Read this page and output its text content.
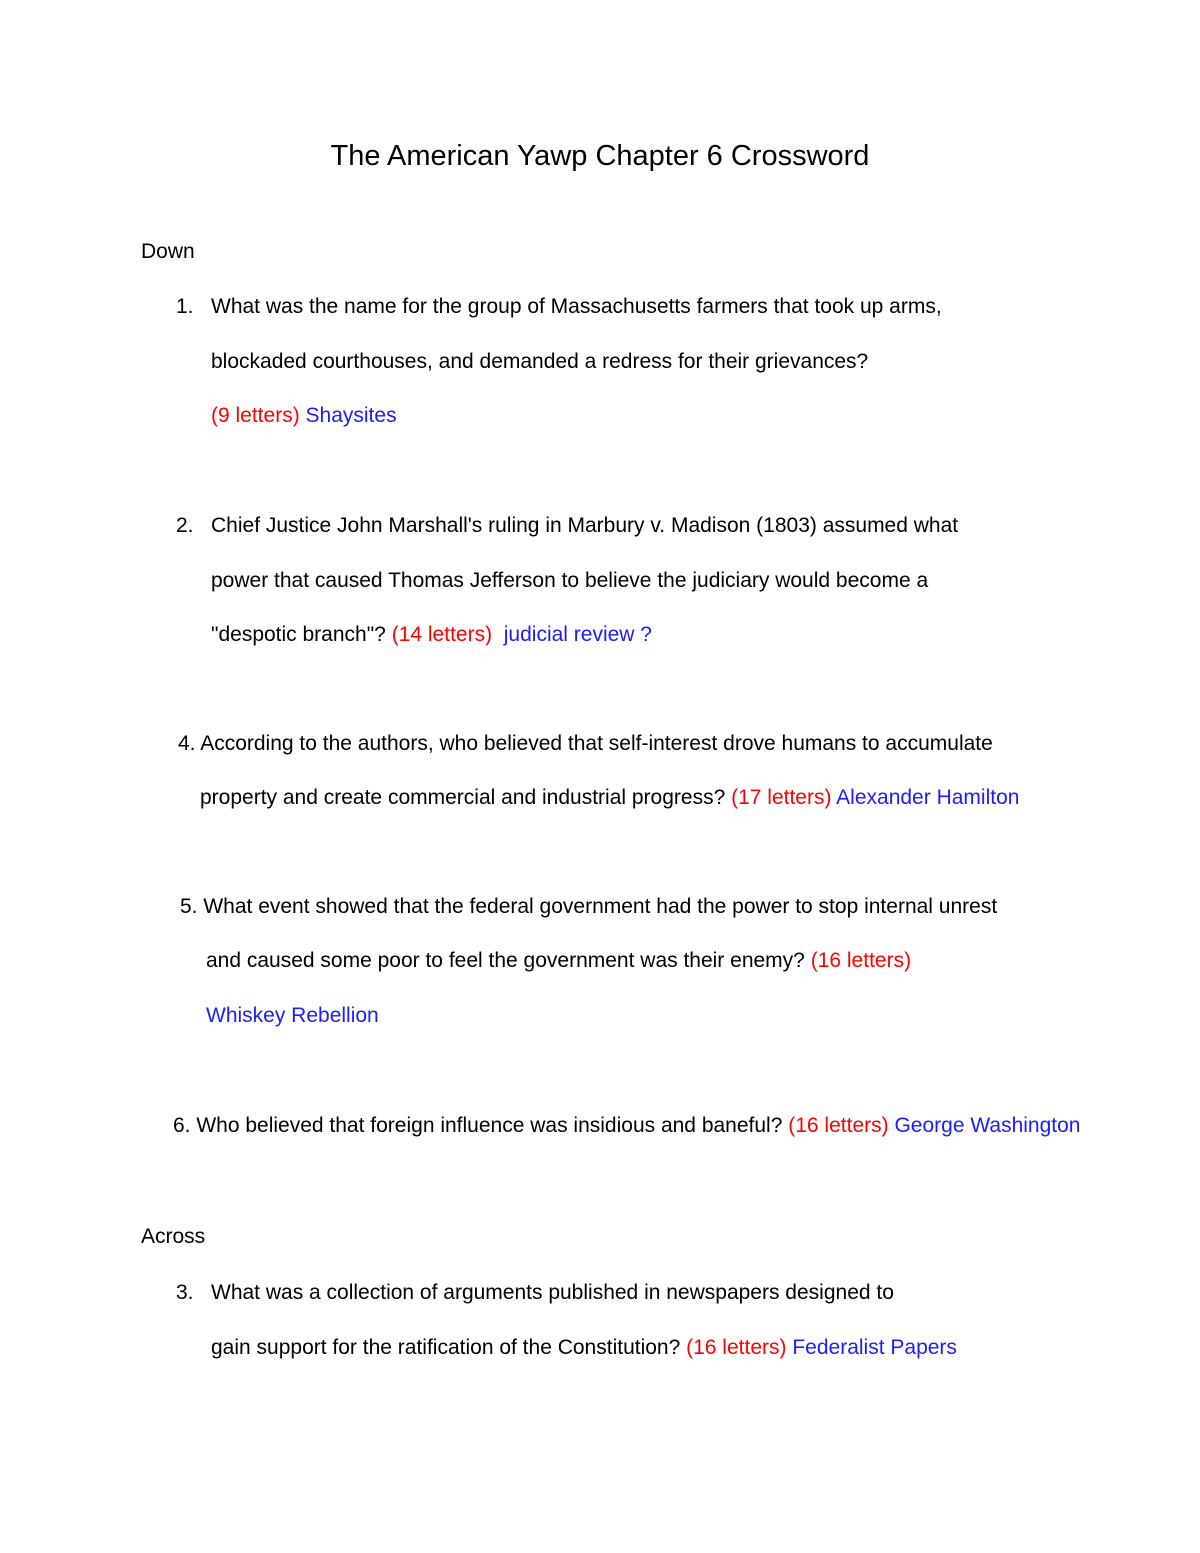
The American Yawp Chapter 6 Crossword
Down
1. What was the name for the group of Massachusetts farmers that took up arms,
blockaded courthouses, and demanded a redress for their grievances?
(9 letters) Shaysites
2. Chief Justice John Marshall's ruling in Marbury v. Madison (1803) assumed what
power that caused Thomas Jefferson to believe the judiciary would become a
"despotic branch"? (14 letters) judicial review ?
4. According to the authors, who believed that self-interest drove humans to accumulate
property and create commercial and industrial progress? (17 letters) Alexander Hamilton
5. What event showed that the federal government had the power to stop internal unrest
and caused some poor to feel the government was their enemy? (16 letters)
Whiskey Rebellion
6. Who believed that foreign influence was insidious and baneful? (16 letters) George Washington
Across
3. What was a collection of arguments published in newspapers designed to
gain support for the ratification of the Constitution? (16 letters) Federalist Papers
